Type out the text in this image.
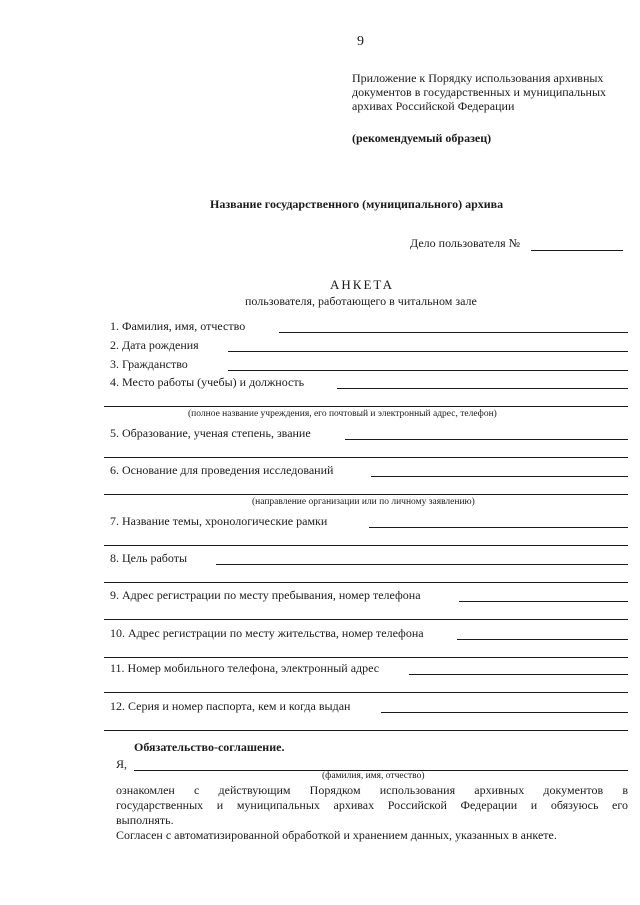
9
Приложение к Порядку использования архивных
документов в государственных и муниципальных
архивах Российской Федерации
(рекомендуемый образец)
Название государственного (муниципального) архива
Дело пользователя №
АНКЕТА
пользователя, работающего в читальном зале
1. Фамилия, имя, отчество
2. Дата рождения
3. Гражданство
4. Место работы (учебы) и должность
(полное название учреждения, его почтовый и электронный адрес, телефон)
5. Образование, ученая степень, звание
6. Основание для проведения исследований
(направление организации или по личному заявлению)
7. Название темы, хронологические рамки
8. Цель работы
9. Адрес регистрации по месту пребывания, номер телефона
10. Адрес регистрации по месту жительства, номер телефона
11. Номер мобильного телефона, электронный адрес
12. Серия и номер паспорта, кем и когда выдан
Обязательство-соглашение.
Я,
(фамилия, имя, отчество)
ознакомлен с действующим Порядком использования архивных документов в
государственных и муниципальных архивах Российской Федерации и обязуюсь его
выполнять.
Согласен с автоматизированной обработкой и хранением данных, указанных в анкете.
